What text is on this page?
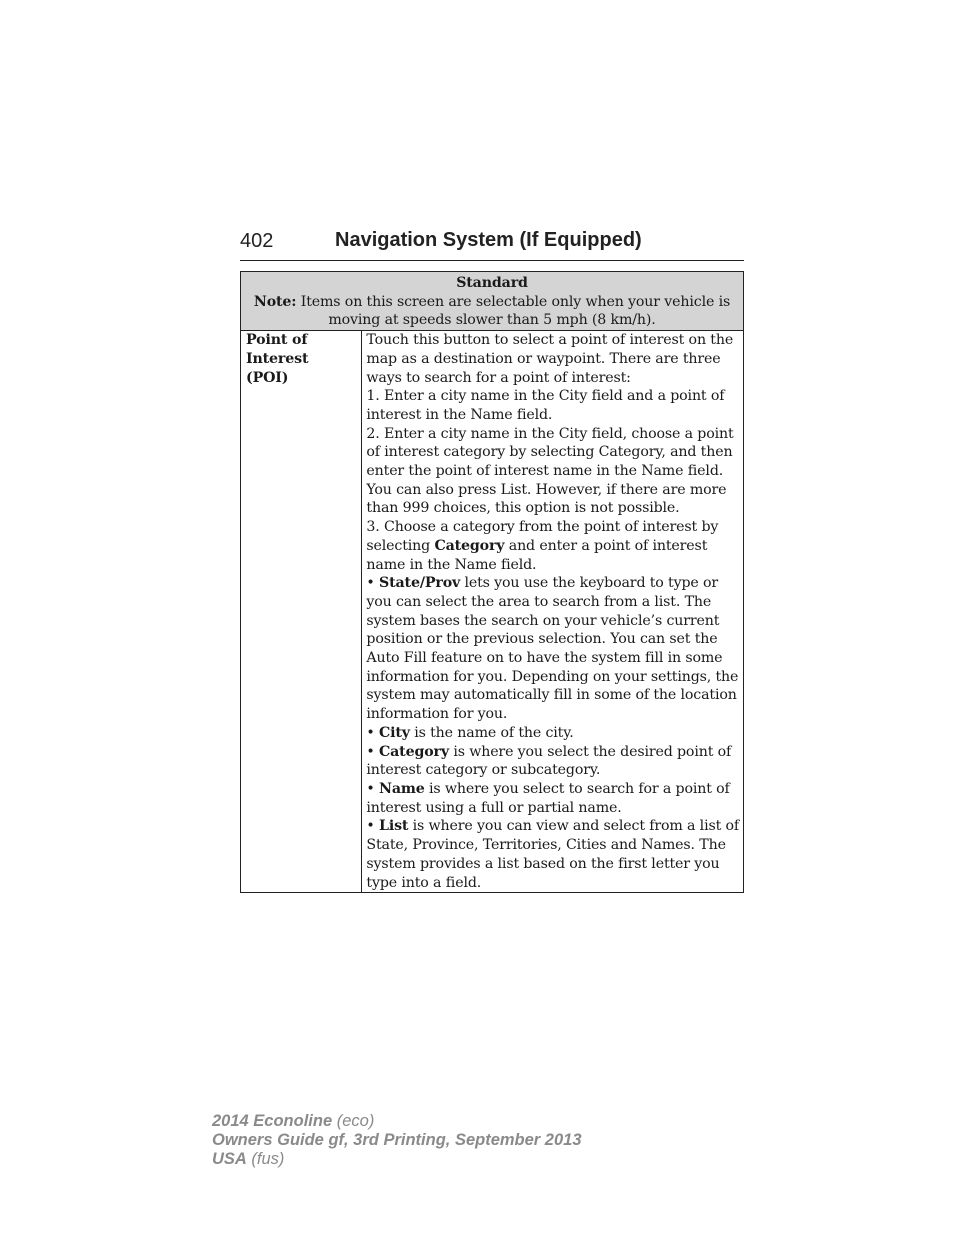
402	Navigation System (If Equipped)
Standard
Note: Items on this screen are selectable only when your vehicle is
moving at speeds slower than 5 mph (8 km/h).

Point of
Interest
(POI)

Touch this button to select a point of interest on the
map as a destination or waypoint. There are three
ways to search for a point of interest:
1. Enter a city name in the City field and a point of
interest in the Name field.
2. Enter a city name in the City field, choose a point
of interest category by selecting Category, and then
enter the point of interest name in the Name field.
You can also press List. However, if there are more
than 999 choices, this option is not possible.
3. Choose a category from the point of interest by
selecting Category and enter a point of interest
name in the Name field.
• State/Prov lets you use the keyboard to type or
you can select the area to search from a list. The
system bases the search on your vehicle’s current
position or the previous selection. You can set the
Auto Fill feature on to have the system fill in some
information for you. Depending on your settings, the
system may automatically fill in some of the location
information for you.
• City is the name of the city.
• Category is where you select the desired point of
interest category or subcategory.
• Name is where you select to search for a point of
interest using a full or partial name.
• List is where you can view and select from a list of
State, Province, Territories, Cities and Names. The
system provides a list based on the first letter you
type into a field.
2014 Econoline (eco)
Owners Guide gf, 3rd Printing, September 2013
USA (fus)
